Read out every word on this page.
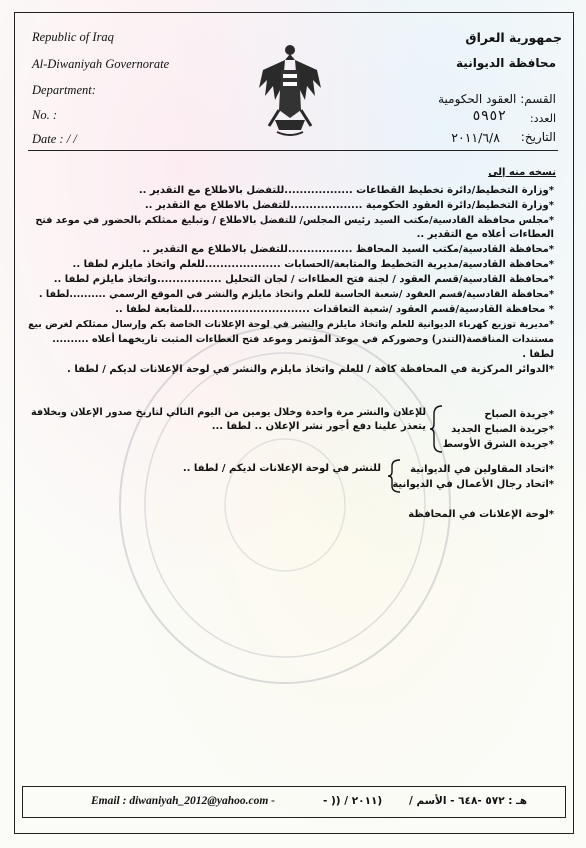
Republic of Iraq
Al-Diwaniyah Governorate
Department:
No. :
Date : / /
جمهورية العراق
محافظة الديوانية
القسم: العقود الحكومية
العدد:
٥٩٥٢
التاريخ:
٢٠١١/٦/٨
نسخه منه إلى
*وزارة التخطيط/دائرة تخطيط القطاعات ..................للتفضل بالاطلاع مع التقدير ..
*وزارة التخطيط/دائرة العقود الحكومية ...................للتفضل بالاطلاع مع التقدير ..
*مجلس محافظة القادسية/مكتب السيد رئيس المجلس/ للتفضل بالاطلاع / وتبليغ ممثلكم بالحضور في موعد فتح
العطاءات أعلاه مع التقدير ..
*محافظة القادسية/مكتب السيد المحافظ .................للتفضل بالاطلاع مع التقدير ..
*محافظة القادسية/مديرية التخطيط والمتابعة/الحسابات ....................للعلم واتخاذ مايلزم لطفا ..
*محافظة القادسية/قسم العقود / لجنة فتح العطاءات / لجان التحليل .................واتخاذ مايلزم لطفا ..
*محافظة القادسية/قسم العقود /شعبة الحاسبة للعلم واتخاذ مايلزم والنشر في الموقع الرسمي ..........لطفا .
* محافظة القادسية/قسم العقود /شعبة التعاقدات ...............................للمتابعة لطفا ..
*مديرية توزيع كهرباء الديوانية للعلم واتخاذ مايلزم والنشر في لوحة الإعلانات الخاصة بكم وإرسال ممثلكم لغرض بيع
مستندات المناقصة(التندر) وحضوركم في موعد المؤتمر وموعد فتح العطاءات المثبت تاريخهما أعلاه ..........
لطفا .
*الدوائر المركزية في المحافظة كافة / للعلم واتخاذ مايلزم والنشر في لوحة الإعلانات لديكم / لطفا .
*جريدة الصباح
*جريدة الصباح الجديد
*جريدة الشرق الأوسط
للإعلان والنشر مرة واحدة وخلال يومين من اليوم التالي لتاريخ صدور الإعلان وبخلافة
يتعذر علينا دفع أجور نشر الإعلان .. لطفا ...
*اتحاد المقاولين في الديوانية
*اتحاد رجال الأعمال في الديوانية
للنشر في لوحة الإعلانات لديكم / لطفا ..
*لوحة الإعلانات في المحافظة
Email : diwaniyah_2012@yahoo.com -	(٢٠١١ / (( -	هـ : ٥٧٢ -٦٤٨ - الأسم /
